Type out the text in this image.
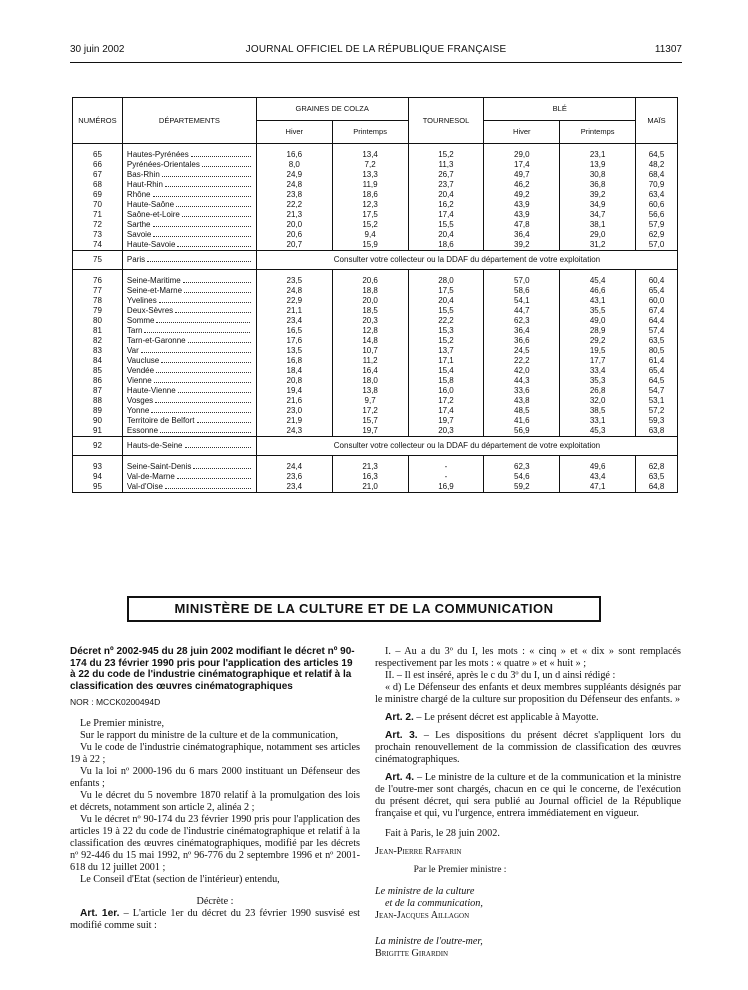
30 juin 2002	JOURNAL OFFICIEL DE LA RÉPUBLIQUE FRANÇAISE	11307
NUMÉROS	DÉPARTEMENTS	GRAINES DE COLZA		TOURNESOL	BLÉ		MAÏS
		Hiver	Printemps		Hiver	Printemps	

65	Hautes-Pyrénées	16,6	13,4	15,2	29,0	23,1	64,5
66	Pyrénées-Orientales	8,0	7,2	11,3	17,4	13,9	48,2
67	Bas-Rhin	24,9	13,3	26,7	49,7	30,8	68,4
68	Haut-Rhin	24,8	11,9	23,7	46,2	36,8	70,9
69	Rhône	23,8	18,6	20,4	49,2	39,2	63,4
70	Haute-Saône	22,2	12,3	16,2	43,9	34,9	60,6
71	Saône-et-Loire	21,3	17,5	17,4	43,9	34,7	56,6
72	Sarthe	20,0	15,2	15,5	47,8	38,1	57,9
73	Savoie	20,6	9,4	20,4	36,4	29,0	62,9
74	Haute-Savoie	20,7	15,9	18,6	39,2	31,2	57,0
75	Paris	Consulter votre collecteur ou la DDAF du département de votre exploitation					

76	Seine-Maritime	23,5	20,6	28,0	57,0	45,4	60,4
77	Seine-et-Marne	24,8	18,8	17,5	58,6	46,6	65,4
78	Yvelines	22,9	20,0	20,4	54,1	43,1	60,0
79	Deux-Sèvres	21,1	18,5	15,5	44,7	35,5	67,4
80	Somme	23,4	20,3	22,2	62,3	49,0	64,4
81	Tarn	16,5	12,8	15,3	36,4	28,9	57,4
82	Tarn-et-Garonne	17,6	14,8	15,2	36,6	29,2	63,5
83	Var	13,5	10,7	13,7	24,5	19,5	80,5
84	Vaucluse	16,8	11,2	17,1	22,2	17,7	61,4
85	Vendée	18,4	16,4	15,4	42,0	33,4	65,4
86	Vienne	20,8	18,0	15,8	44,3	35,3	64,5
87	Haute-Vienne	19,4	13,8	16,0	33,6	26,8	54,7
88	Vosges	21,6	9,7	17,2	43,8	32,0	53,1
89	Yonne	23,0	17,2	17,4	48,5	38,5	57,2
90	Territoire de Belfort	21,9	15,7	19,7	41,6	33,1	59,3
91	Essonne	24,3	19,7	20,3	56,9	45,3	63,8
92	Hauts-de-Seine	Consulter votre collecteur ou la DDAF du département de votre exploitation					

93	Seine-Saint-Denis	24,4	21,3	-	62,3	49,6	62,8
94	Val-de-Marne	23,6	16,3	-	54,6	43,4	63,5
95	Val-d'Oise	23,4	21,0	16,9	59,2	47,1	64,8
MINISTÈRE DE LA CULTURE ET DE LA COMMUNICATION

Décret nº 2002-945 du 28 juin 2002 modifiant le décret nº 90-174 du 23 février 1990 pris pour l'application des articles 19 à 22 du code de l'industrie cinématographique et relatif à la classification des œuvres cinématographiques

NOR : MCCK0200494D

Le Premier ministre,

Sur le rapport du ministre de la culture et de la communication,

Vu le code de l'industrie cinématographique, notamment ses articles 19 à 22 ;

Vu la loi nº 2000-196 du 6 mars 2000 instituant un Défenseur des enfants ;

Vu le décret du 5 novembre 1870 relatif à la promulgation des lois et décrets, notamment son article 2, alinéa 2 ;

Vu le décret nº 90-174 du 23 février 1990 pris pour l'application des articles 19 à 22 du code de l'industrie cinématographique et relatif à la classification des œuvres cinématographiques, modifié par les décrets nº 92-446 du 15 mai 1992, nº 96-776 du 2 septembre 1996 et nº 2001-618 du 12 juillet 2001 ;

Le Conseil d'Etat (section de l'intérieur) entendu,

Décrète :

Art. 1er. – L'article 1er du décret du 23 février 1990 susvisé est modifié comme suit :

I. – Au a du 3º du I, les mots : « cinq » et « dix » sont remplacés respectivement par les mots : « quatre » et « huit » ;

II. – Il est inséré, après le c du 3º du I, un d ainsi rédigé :

« d) Le Défenseur des enfants et deux membres suppléants désignés par le ministre chargé de la culture sur proposition du Défenseur des enfants. »

Art. 2. – Le présent décret est applicable à Mayotte.

Art. 3. – Les dispositions du présent décret s'appliquent lors du prochain renouvellement de la commission de classification des œuvres cinématographiques.

Art. 4. – Le ministre de la culture et de la communication et la ministre de l'outre-mer sont chargés, chacun en ce qui le concerne, de l'exécution du présent décret, qui sera publié au Journal officiel de la République française et qui, vu l'urgence, entrera immédiatement en vigueur.

Fait à Paris, le 28 juin 2002.

Jean-Pierre Raffarin

Par le Premier ministre :

Le ministre de la culture

et de la communication,

Jean-Jacques Aillagon

La ministre de l'outre-mer,

Brigitte Girardin
